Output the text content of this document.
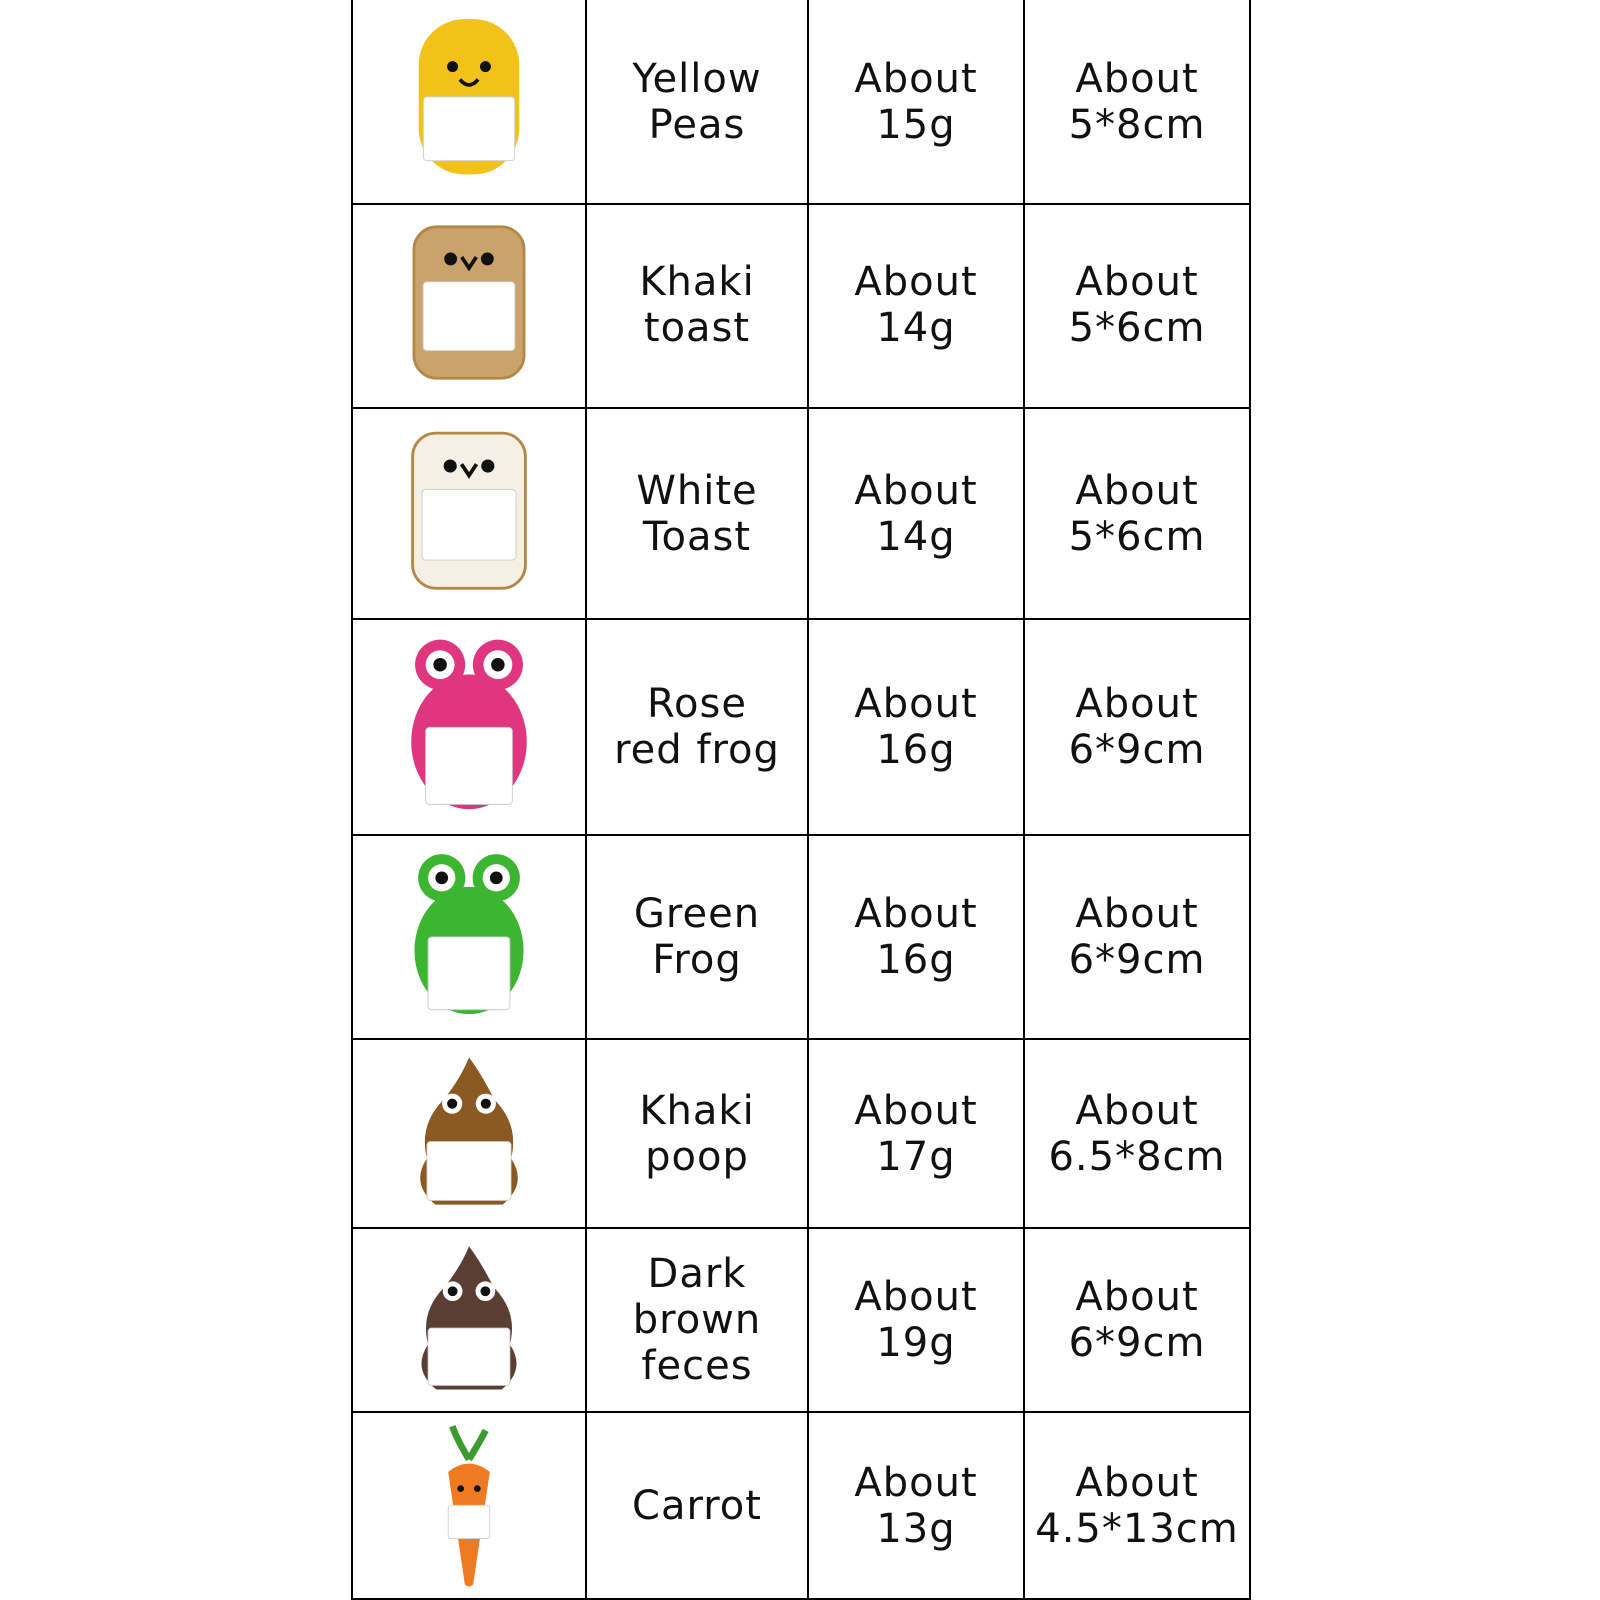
Yellow
Peas
About
15g
About
5*8cm
Khaki
toast
About
14g
About
5*6cm
White
Toast
About
14g
About
5*6cm
Rose
red frog
About
16g
About
6*9cm
Green
Frog
About
16g
About
6*9cm
Khaki
poop
About
17g
About
6.5*8cm
Dark brown
feces
About
19g
About
6*9cm
Carrot About
13g
About
4.5*13cm
